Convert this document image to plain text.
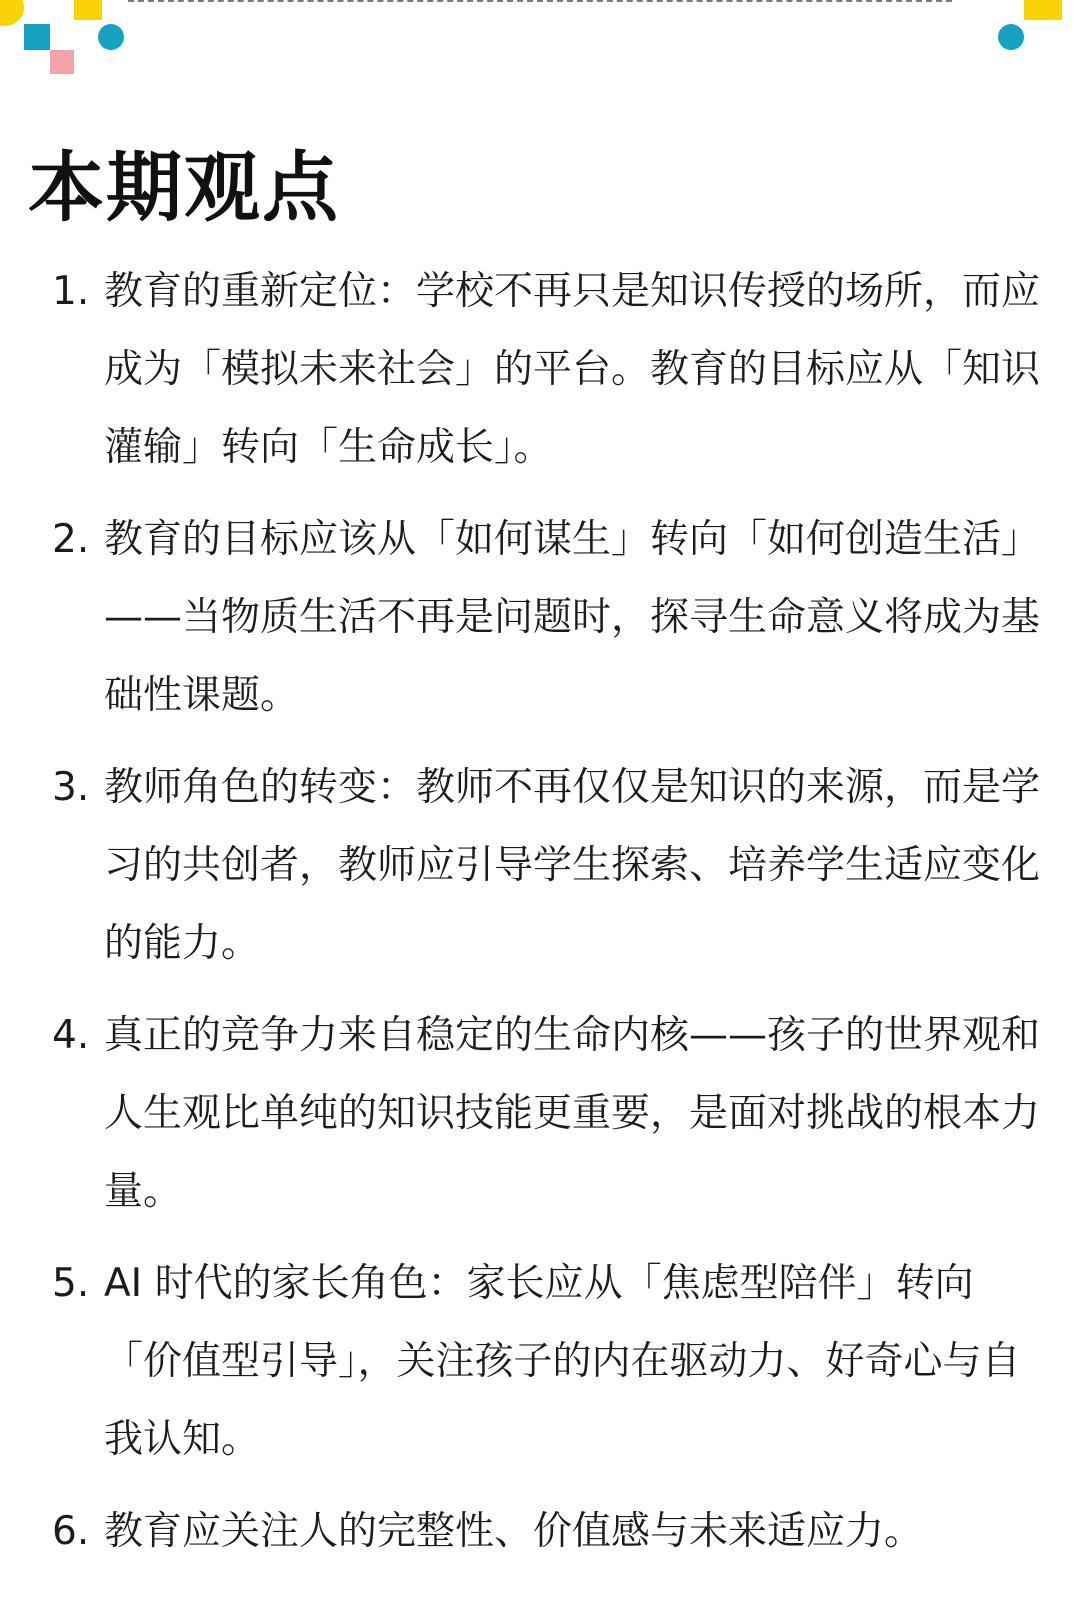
本期观点
1. 教育的重新定位：学校不再只是知识传授的场所，而应成为「模拟未来社会」的平台。教育的目标应从「知识灌输」转向「生命成长」。
2. 教育的目标应该从「如何谋生」转向「如何创造生活」——当物质生活不再是问题时，探寻生命意义将成为基础性课题。
3. 教师角色的转变：教师不再仅仅是知识的来源，而是学习的共创者，教师应引导学生探索、培养学生适应变化的能力。
4. 真正的竞争力来自稳定的生命内核——孩子的世界观和人生观比单纯的知识技能更重要，是面对挑战的根本力量。
5. AI 时代的家长角色：家长应从「焦虑型陪伴」转向「价值型引导」，关注孩子的内在驱动力、好奇心与自我认知。
6. 教育应关注人的完整性、价值感与未来适应力。
